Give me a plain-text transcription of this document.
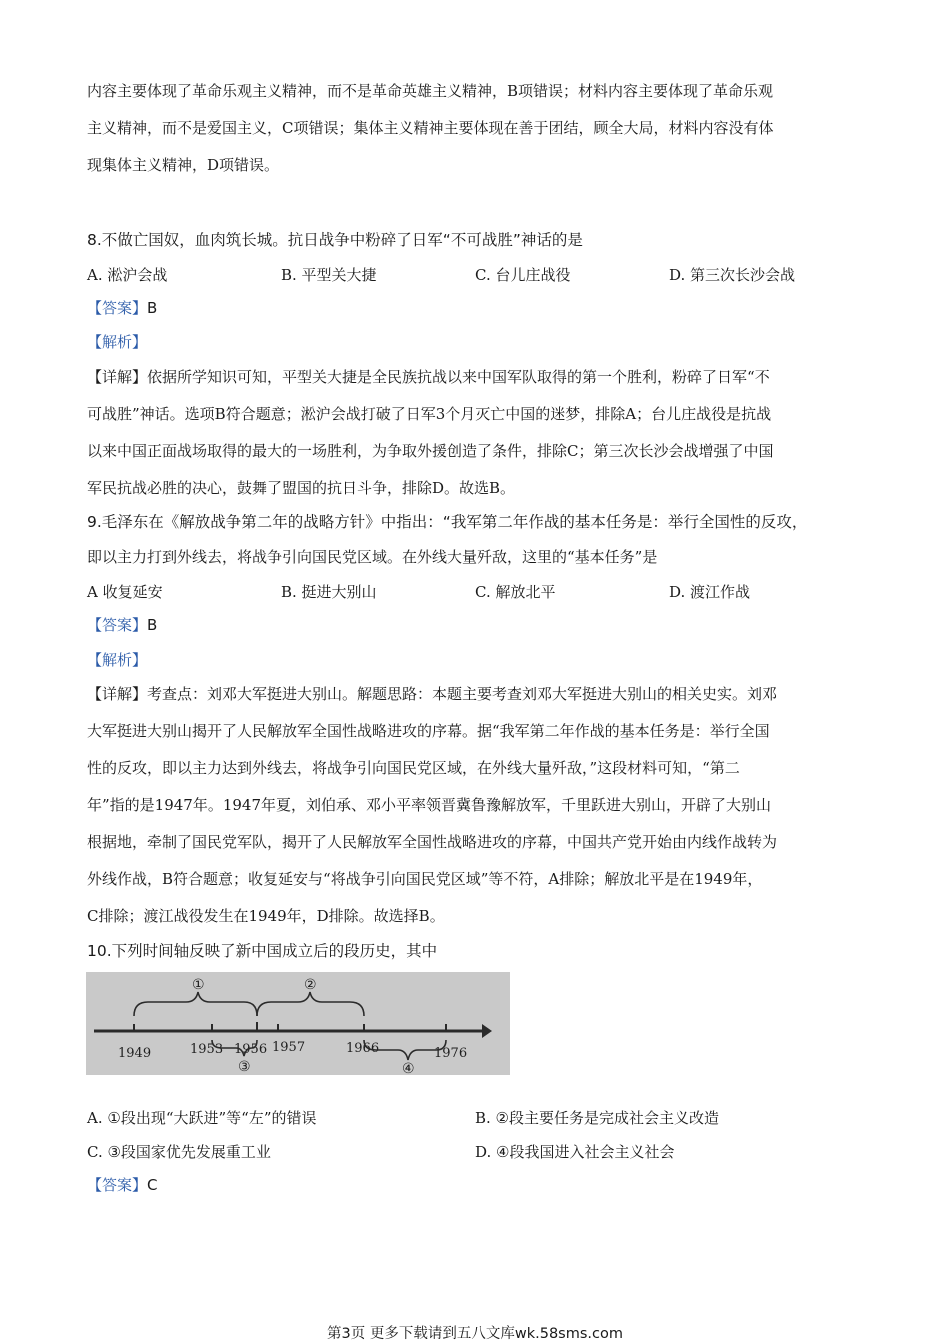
内容主要体现了革命乐观主义精神，而不是革命英雄主义精神，B项错误；材料内容主要体现了革命乐观
主义精神，而不是爱国主义，C项错误；集体主义精神主要体现在善于团结，顾全大局，材料内容没有体
现集体主义精神，D项错误。
8.不做亡国奴，血肉筑长城。抗日战争中粉碎了日军“不可战胜”神话的是
A. 淞沪会战	B. 平型关大捷	C. 台儿庄战役	D. 第三次长沙会战
【答案】B
【解析】
【详解】依据所学知识可知，平型关大捷是全民族抗战以来中国军队取得的第一个胜利，粉碎了日军“不
可战胜”神话。选项B符合题意；淞沪会战打破了日军3个月灭亡中国的迷梦，排除A；台儿庄战役是抗战
以来中国正面战场取得的最大的一场胜利，为争取外援创造了条件，排除C；第三次长沙会战增强了中国
军民抗战必胜的决心，鼓舞了盟国的抗日斗争，排除D。故选B。
9.毛泽东在《解放战争第二年的战略方针》中指出：“我军第二年作战的基本任务是：举行全国性的反攻，
即以主力打到外线去，将战争引向国民党区域。在外线大量歼敌，这里的“基本任务”是
A 收复延安	B. 挺进大别山	C. 解放北平	D. 渡江作战
【答案】B
【解析】
【详解】考查点：刘邓大军挺进大别山。解题思路：本题主要考查刘邓大军挺进大别山的相关史实。刘邓
大军挺进大别山揭开了人民解放军全国性战略进攻的序幕。据“我军第二年作战的基本任务是：举行全国
性的反攻，即以主力达到外线去，将战争引向国民党区域，在外线大量歼敌，”这段材料可知，“第二
年”指的是1947年。1947年夏，刘伯承、邓小平率领晋冀鲁豫解放军，千里跃进大别山，开辟了大别山
根据地，牵制了国民党军队，揭开了人民解放军全国性战略进攻的序幕，中国共产党开始由内线作战转为
外线作战，B符合题意；收复延安与“将战争引向国民党区域”等不符，A排除；解放北平是在1949年，
C排除；渡江战役发生在1949年，D排除。故选择B。
10.下列时间轴反映了新中国成立后的段历史，其中
1949	1953 1956 1957	1966	1976
①	②
③	④
A. ①段出现“大跃进”等“左”的错误	B. ②段主要任务是完成社会主义改造
C. ③段国家优先发展重工业	D. ④段我国进入社会主义社会
【答案】C
第3页 更多下载请到五八文库wk.58sms.com
